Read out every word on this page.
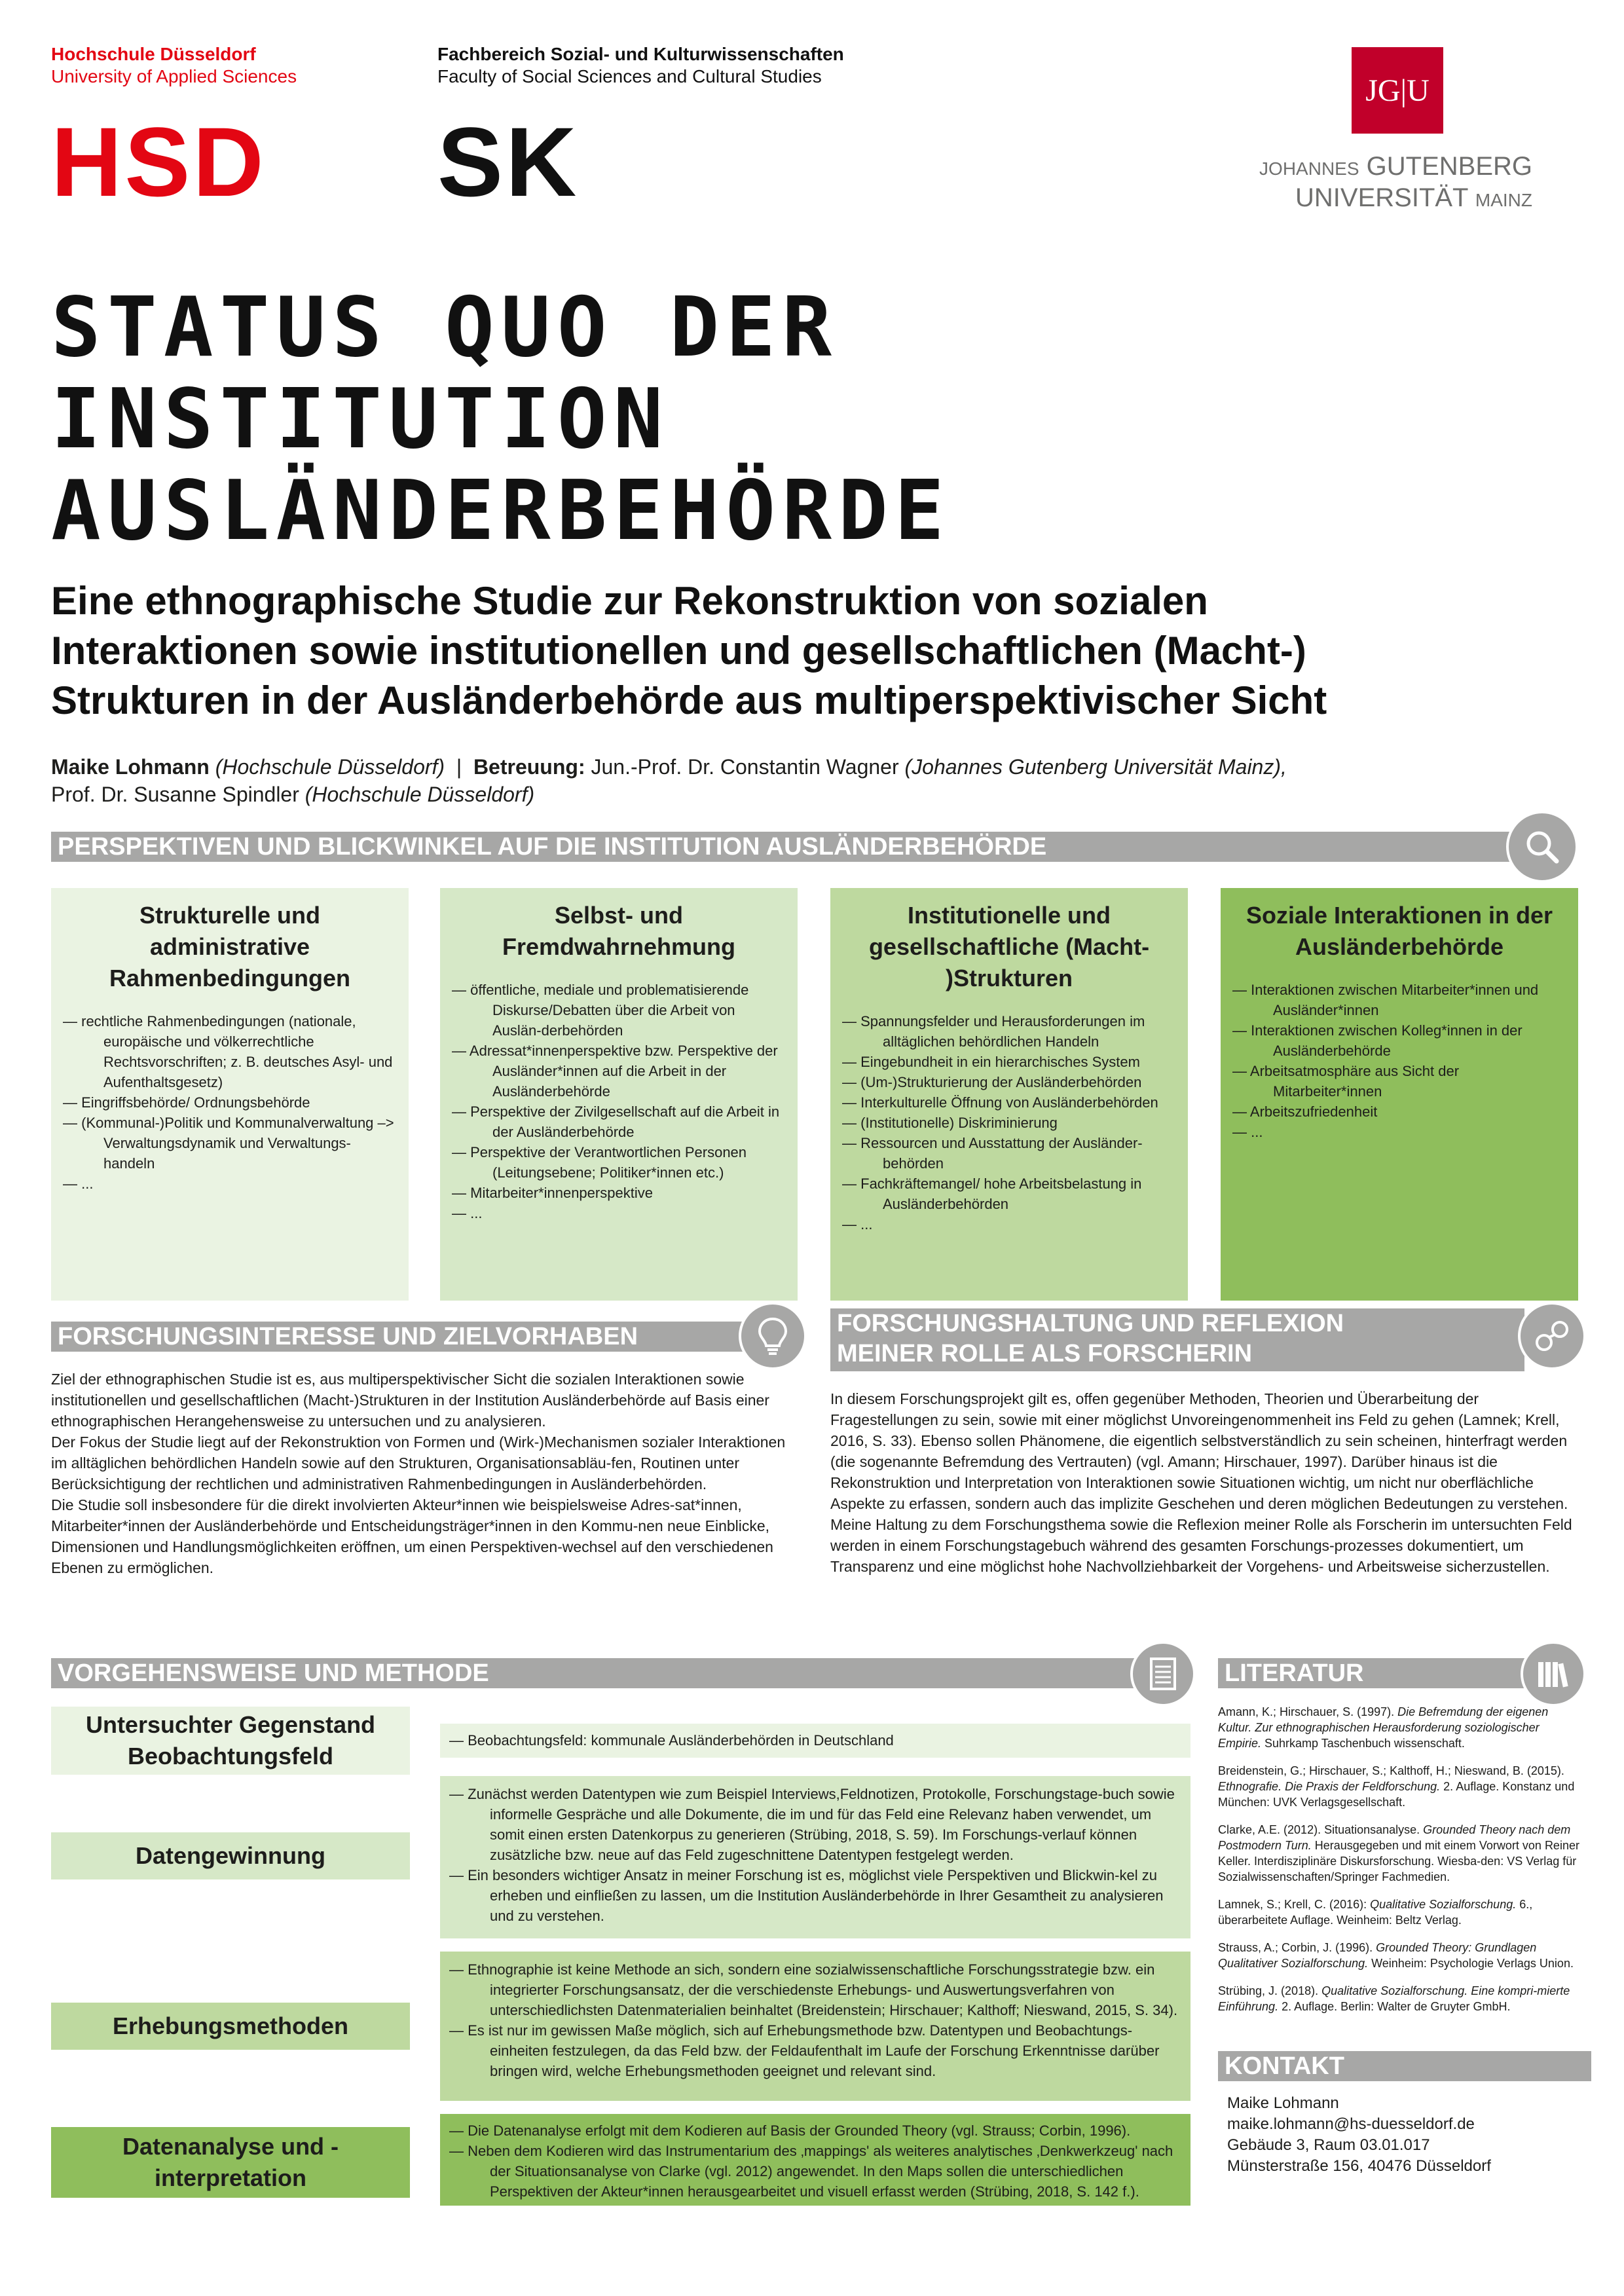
Hochschule Düsseldorf
University of Applied Sciences
HSD
Fachbereich Sozial- und Kulturwissenschaften
Faculty of Social Sciences and Cultural Studies
SK
JG|U
JOHANNES GUTENBERG
UNIVERSITÄT MAINZ
STATUS QUO DER
INSTITUTION
AUSLÄNDERBEHÖRDE
Eine ethnographische Studie zur Rekonstruktion von sozialen
Interaktionen sowie institutionellen und gesellschaftlichen (Macht-)
Strukturen in der Ausländerbehörde aus multiperspektivischer Sicht
Maike Lohmann (Hochschule Düsseldorf) | Betreuung: Jun.-Prof. Dr. Constantin Wagner (Johannes Gutenberg Universität Mainz),
Prof. Dr. Susanne Spindler (Hochschule Düsseldorf)
PERSPEKTIVEN UND BLICKWINKEL AUF DIE INSTITUTION AUSLÄNDERBEHÖRDE
Strukturelle und administrative Rahmenbedingungen
— rechtliche Rahmenbedingungen (nationale, europäische und völkerrechtliche Rechtsvorschriften; z. B. deutsches Asyl- und Aufenthaltsgesetz)
— Eingriffsbehörde/ Ordnungsbehörde
— (Kommunal-)Politik und Kommunalverwaltung –> Verwaltungsdynamik und Verwaltungs-handeln
— ...
Selbst- und Fremdwahrnehmung
— öffentliche, mediale und problematisierende Diskurse/Debatten über die Arbeit von Auslän-derbehörden
— Adressat*innenperspektive bzw. Perspektive der Ausländer*innen auf die Arbeit in der Ausländerbehörde
— Perspektive der Zivilgesellschaft auf die Arbeit in der Ausländerbehörde
— Perspektive der Verantwortlichen Personen (Leitungsebene; Politiker*innen etc.)
— Mitarbeiter*innenperspektive
— ...
Institutionelle und gesellschaftliche (Macht- )Strukturen
— Spannungsfelder und Herausforderungen im alltäglichen behördlichen Handeln
— Eingebundheit in ein hierarchisches System
— (Um-)Strukturierung der Ausländerbehörden
— Interkulturelle Öffnung von Ausländerbehörden
— (Institutionelle) Diskriminierung
— Ressourcen und Ausstattung der Ausländer-behörden
— Fachkräftemangel/ hohe Arbeitsbelastung in Ausländerbehörden
— ...
Soziale Interaktionen in der Ausländerbehörde
— Interaktionen zwischen Mitarbeiter*innen und Ausländer*innen
— Interaktionen zwischen Kolleg*innen in der Ausländerbehörde
— Arbeitsatmosphäre aus Sicht der Mitarbeiter*innen
— Arbeitszufriedenheit
— ...
FORSCHUNGSINTERESSE UND ZIELVORHABEN
Ziel der ethnographischen Studie ist es, aus multiperspektivischer Sicht die sozialen Interaktionen sowie institutionellen und gesellschaftlichen (Macht-)Strukturen in der Institution Ausländerbehörde auf Basis einer ethnographischen Herangehensweise zu untersuchen und zu analysieren.
Der Fokus der Studie liegt auf der Rekonstruktion von Formen und (Wirk-)Mechanismen sozialer Interaktionen im alltäglichen behördlichen Handeln sowie auf den Strukturen, Organisationsabläu-fen, Routinen unter Berücksichtigung der rechtlichen und administrativen Rahmenbedingungen in Ausländerbehörden.
Die Studie soll insbesondere für die direkt involvierten Akteur*innen wie beispielsweise Adres-sat*innen, Mitarbeiter*innen der Ausländerbehörde und Entscheidungsträger*innen in den Kommu-nen neue Einblicke, Dimensionen und Handlungsmöglichkeiten eröffnen, um einen Perspektiven-wechsel auf den verschiedenen Ebenen zu ermöglichen.
FORSCHUNGSHALTUNG UND REFLEXION
MEINER ROLLE ALS FORSCHERIN
In diesem Forschungsprojekt gilt es, offen gegenüber Methoden, Theorien und Überarbeitung der Fragestellungen zu sein, sowie mit einer möglichst Unvoreingenommenheit ins Feld zu gehen (Lamnek; Krell, 2016, S. 33). Ebenso sollen Phänomene, die eigentlich selbstverständlich zu sein scheinen, hinterfragt werden (die sogenannte Befremdung des Vertrauten) (vgl. Amann; Hirschauer, 1997). Darüber hinaus ist die Rekonstruktion und Interpretation von Interaktionen sowie Situationen wichtig, um nicht nur oberflächliche Aspekte zu erfassen, sondern auch das implizite Geschehen und deren möglichen Bedeutungen zu verstehen.
Meine Haltung zu dem Forschungsthema sowie die Reflexion meiner Rolle als Forscherin im untersuchten Feld werden in einem Forschungstagebuch während des gesamten Forschungs-prozesses dokumentiert, um Transparenz und eine möglichst hohe Nachvollziehbarkeit der Vorgehens- und Arbeitsweise sicherzustellen.
VORGEHENSWEISE UND METHODE
Untersuchter Gegenstand Beobachtungsfeld
— Beobachtungsfeld: kommunale Ausländerbehörden in Deutschland
Datengewinnung
— Zunächst werden Datentypen wie zum Beispiel Interviews,Feldnotizen, Protokolle, Forschungstage-buch sowie informelle Gespräche und alle Dokumente, die im und für das Feld eine Relevanz haben verwendet, um somit einen ersten Datenkorpus zu generieren (Strübing, 2018, S. 59). Im Forschungs-verlauf können zusätzliche bzw. neue auf das Feld zugeschnittene Datentypen festgelegt werden.
— Ein besonders wichtiger Ansatz in meiner Forschung ist es, möglichst viele Perspektiven und Blickwin-kel zu erheben und einfließen zu lassen, um die Institution Ausländerbehörde in Ihrer Gesamtheit zu analysieren und zu verstehen.
Erhebungsmethoden
— Ethnographie ist keine Methode an sich, sondern eine sozialwissenschaftliche Forschungsstrategie bzw. ein integrierter Forschungsansatz, der die verschiedenste Erhebungs- und Auswertungsverfahren von unterschiedlichsten Datenmaterialien beinhaltet (Breidenstein; Hirschauer; Kalthoff; Nieswand, 2015, S. 34).
— Es ist nur im gewissen Maße möglich, sich auf Erhebungsmethode bzw. Datentypen und Beobachtungs-einheiten festzulegen, da das Feld bzw. der Feldaufenthalt im Laufe der Forschung Erkenntnisse darüber bringen wird, welche Erhebungsmethoden geeignet und relevant sind.
Datenanalyse und -interpretation
— Die Datenanalyse erfolgt mit dem Kodieren auf Basis der Grounded Theory (vgl. Strauss; Corbin, 1996).
— Neben dem Kodieren wird das Instrumentarium des ‚mappings' als weiteres analytisches ‚Denkwerkzeug' nach der Situationsanalyse von Clarke (vgl. 2012) angewendet. In den Maps sollen die unterschiedlichen Perspektiven der Akteur*innen herausgearbeitet und visuell erfasst werden (Strübing, 2018, S. 142 f.).
LITERATUR

Amann, K.; Hirschauer, S. (1997). Die Befremdung der eigenen Kultur. Zur ethnographischen Herausforderung soziologischer Empirie. Suhrkamp Taschenbuch wissenschaft.

Breidenstein, G.; Hirschauer, S.; Kalthoff, H.; Nieswand, B. (2015). Ethnografie. Die Praxis der Feldforschung. 2. Auflage. Konstanz und München: UVK Verlagsgesellschaft.

Clarke, A.E. (2012). Situationsanalyse. Grounded Theory nach dem Postmodern Turn. Herausgegeben und mit einem Vorwort von Reiner Keller. Interdisziplinäre Diskursforschung. Wiesba-den: VS Verlag für Sozialwissenschaften/Springer Fachmedien.

Lamnek, S.; Krell, C. (2016): Qualitative Sozialforschung. 6., überarbeitete Auflage. Weinheim: Beltz Verlag.

Strauss, A.; Corbin, J. (1996). Grounded Theory: Grundlagen Qualitativer Sozialforschung. Weinheim: Psychologie Verlags Union.

Strübing, J. (2018). Qualitative Sozialforschung. Eine kompri-mierte Einführung. 2. Auflage. Berlin: Walter de Gruyter GmbH.

KONTAKT
Maike Lohmann
maike.lohmann@hs-duesseldorf.de
Gebäude 3, Raum 03.01.017
Münsterstraße 156, 40476 Düsseldorf
